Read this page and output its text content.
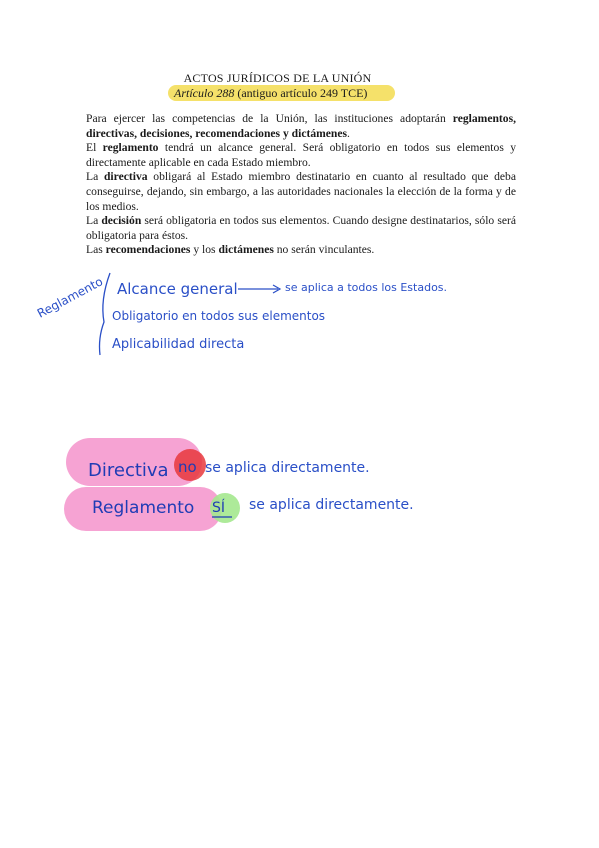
ACTOS JURÍDICOS DE LA UNIÓN
Artículo 288 (antiguo artículo 249 TCE)

Para ejercer las competencias de la Unión, las instituciones adoptarán reglamentos, directivas, decisiones, recomendaciones y dictámenes.

El reglamento tendrá un alcance general. Será obligatorio en todos sus elementos y directamente aplicable en cada Estado miembro.

La directiva obligará al Estado miembro destinatario en cuanto al resultado que deba conseguirse, dejando, sin embargo, a las autoridades nacionales la elección de la forma y de los medios.

La decisión será obligatoria en todos sus elementos. Cuando designe destinatarios, sólo será obligatoria para éstos.

Las recomendaciones y los dictámenes no serán vinculantes.

Reglamento Alcance general	se aplica a todos los Estados.
Obligatorio en todos sus elementos
Aplicabilidad directa
Directiva no se aplica directamente.
Reglamento SÍ se aplica directamente.
